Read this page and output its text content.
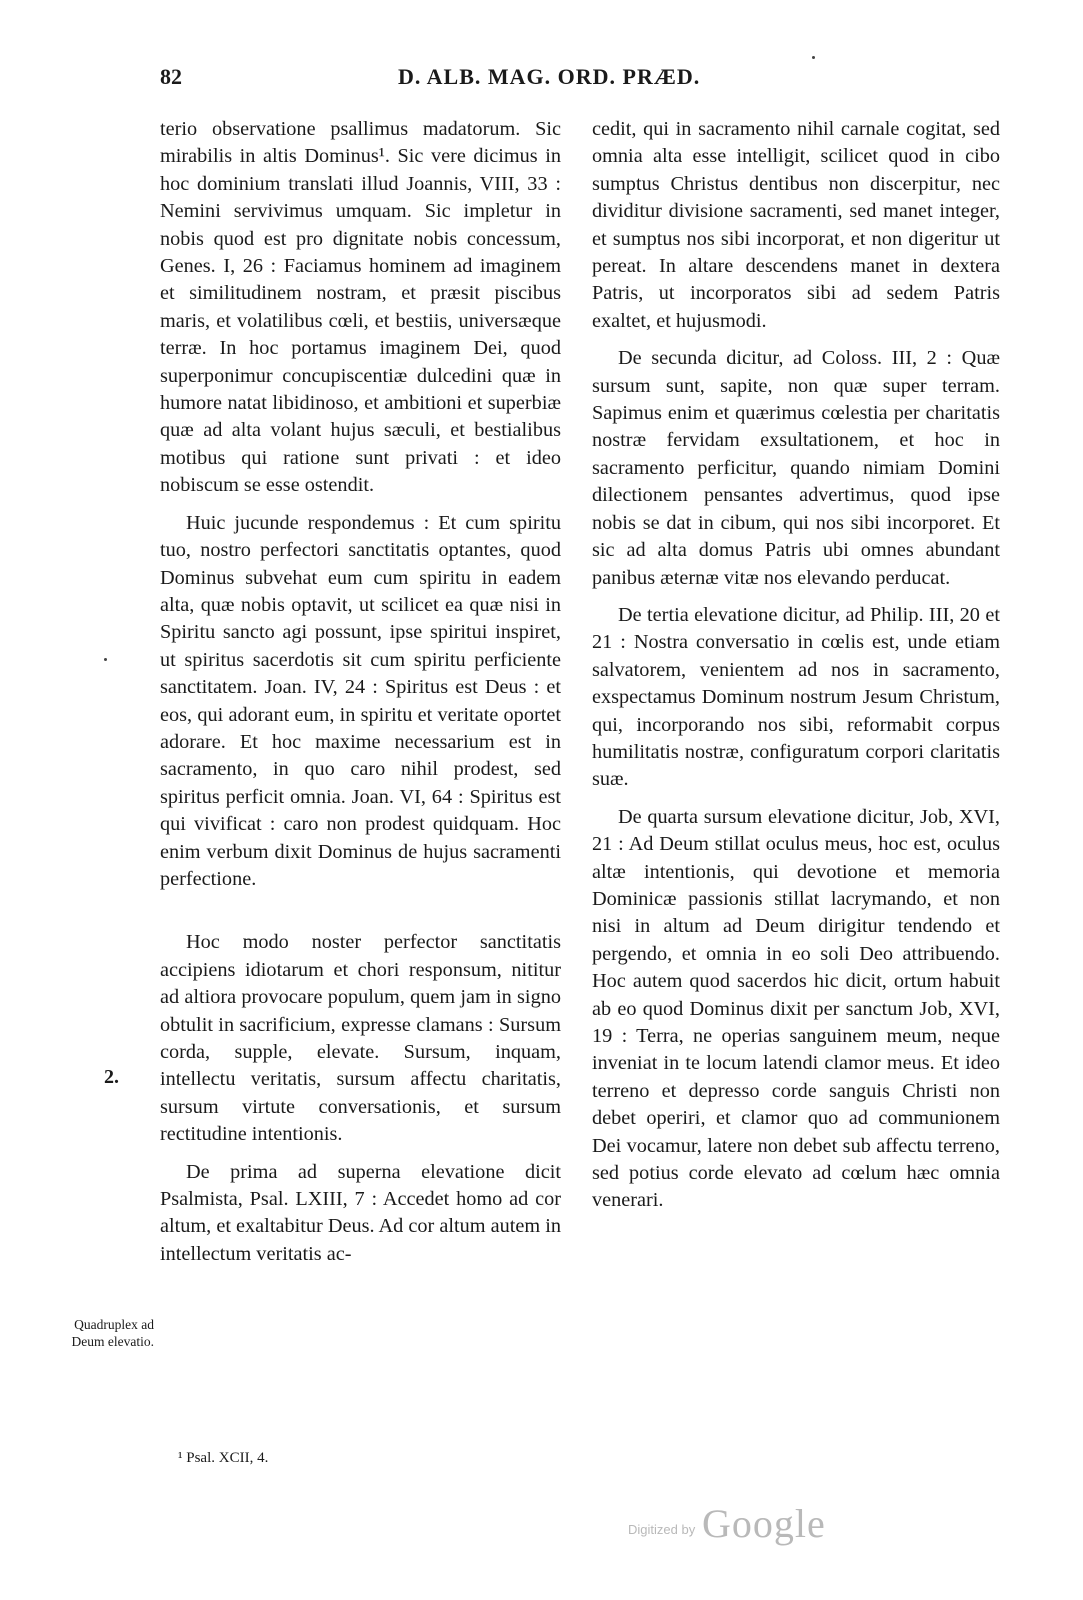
82	D. ALB. MAG. ORD. PRÆD.

terio observatione psallimus madatorum. Sic mirabilis in altis Dominus¹. Sic vere dicimus in hoc dominium translati illud Joannis, VIII, 33 : Nemini servivimus umquam. Sic impletur in nobis quod est pro dignitate nobis concessum, Genes. I, 26 : Faciamus hominem ad imaginem et similitudinem nostram, et præsit piscibus maris, et volatilibus cœli, et bestiis, universæque terræ. In hoc portamus imaginem Dei, quod superponimur concupiscentiæ dulcedini quæ in humore natat libidinoso, et ambitioni et superbiæ quæ ad alta volant hujus sæculi, et bestialibus motibus qui ratione sunt privati : et ideo nobiscum se esse ostendit.

Huic jucunde respondemus : Et cum spiritu tuo, nostro perfectori sanctitatis optantes, quod Dominus subvehat eum cum spiritu in eadem alta, quæ nobis optavit, ut scilicet ea quæ nisi in Spiritu sancto agi possunt, ipse spiritui inspiret, ut spiritus sacerdotis sit cum spiritu perficiente sanctitatem. Joan. IV, 24 : Spiritus est Deus : et eos, qui adorant eum, in spiritu et veritate oportet adorare. Et hoc maxime necessarium est in sacramento, in quo caro nihil prodest, sed spiritus perficit omnia. Joan. VI, 64 : Spiritus est qui vivificat : caro non prodest quidquam. Hoc enim verbum dixit Dominus de hujus sacramenti perfectione.

Hoc modo noster perfector sanctitatis accipiens idiotarum et chori responsum, nititur ad altiora provocare populum, quem jam in signo obtulit in sacrificium, expresse clamans : Sursum corda, supple, elevate. Sursum, inquam, intellectu veritatis, sursum affectu charitatis, sursum virtute conversationis, et sursum rectitudine intentionis.

De prima ad superna elevatione dicit Psalmista, Psal. LXIII, 7 : Accedet homo ad cor altum, et exaltabitur Deus. Ad cor altum autem in intellectum veritatis ac-

cedit, qui in sacramento nihil carnale cogitat, sed omnia alta esse intelligit, scilicet quod in cibo sumptus Christus dentibus non discerpitur, nec dividitur divisione sacramenti, sed manet integer, et sumptus nos sibi incorporat, et non digeritur ut pereat. In altare descendens manet in dextera Patris, ut incorporatos sibi ad sedem Patris exaltet, et hujusmodi.

De secunda dicitur, ad Coloss. III, 2 : Quæ sursum sunt, sapite, non quæ super terram. Sapimus enim et quærimus cœlestia per charitatis nostræ fervidam exsultationem, et hoc in sacramento perficitur, quando nimiam Domini dilectionem pensantes advertimus, quod ipse nobis se dat in cibum, qui nos sibi incorporet. Et sic ad alta domus Patris ubi omnes abundant panibus æternæ vitæ nos elevando perducat.

De tertia elevatione dicitur, ad Philip. III, 20 et 21 : Nostra conversatio in cœlis est, unde etiam salvatorem, venientem ad nos in sacramento, exspectamus Dominum nostrum Jesum Christum, qui, incorporando nos sibi, reformabit corpus humilitatis nostræ, configuratum corpori claritatis suæ.

De quarta sursum elevatione dicitur, Job, XVI, 21 : Ad Deum stillat oculus meus, hoc est, oculus altæ intentionis, qui devotione et memoria Dominicæ passionis stillat lacrymando, et non nisi in altum ad Deum dirigitur tendendo et pergendo, et omnia in eo soli Deo attribuendo. Hoc autem quod sacerdos hic dicit, ortum habuit ab eo quod Dominus dixit per sanctum Job, XVI, 19 : Terra, ne operias sanguinem meum, neque inveniat in te locum latendi clamor meus. Et ideo terreno et depresso corde sanguis Christi non debet operiri, et clamor quo ad communionem Dei vocamur, latere non debet sub affectu terreno, sed potius corde elevato ad cœlum hæc omnia venerari.

2.
Quadruplex ad Deum elevatio.
¹ Psal. XCII, 4.
Digitized by Google
